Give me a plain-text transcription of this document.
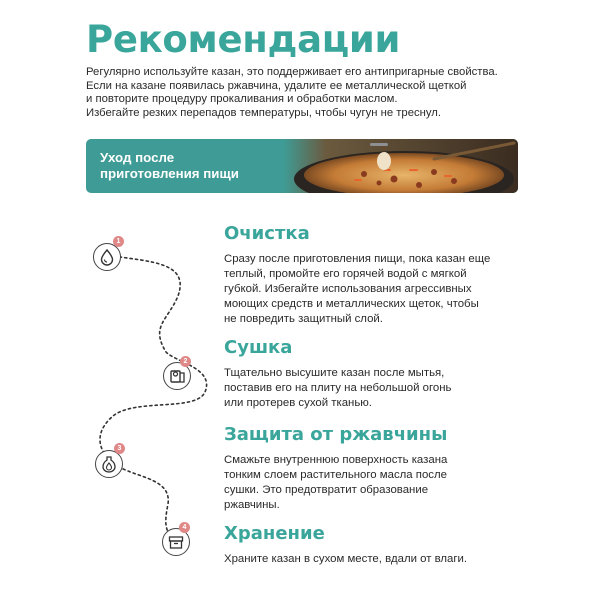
Рекомендации

Регулярно используйте казан, это поддерживает его антипригарные свойства.

Если на казане появилась ржавчина, удалите ее металлической щеткой

и повторите процедуру прокаливания и обработки маслом.

Избегайте резких перепадов температуры, чтобы чугун не треснул.

Уход после
приготовления пищи
1
2
3
4
Очистка
Сразу после приготовления пищи, пока казан еще
теплый, промойте его горячей водой с мягкой
губкой. Избегайте использования агрессивных
моющих средств и металлических щеток, чтобы
не повредить защитный слой.
Сушка
Тщательно высушите казан после мытья,
поставив его на плиту на небольшой огонь
или протерев сухой тканью.
Защита от ржавчины
Смажьте внутреннюю поверхность казана
тонким слоем растительного масла после
сушки. Это предотвратит образование
ржавчины.
Хранение
Храните казан в сухом месте, вдали от влаги.
